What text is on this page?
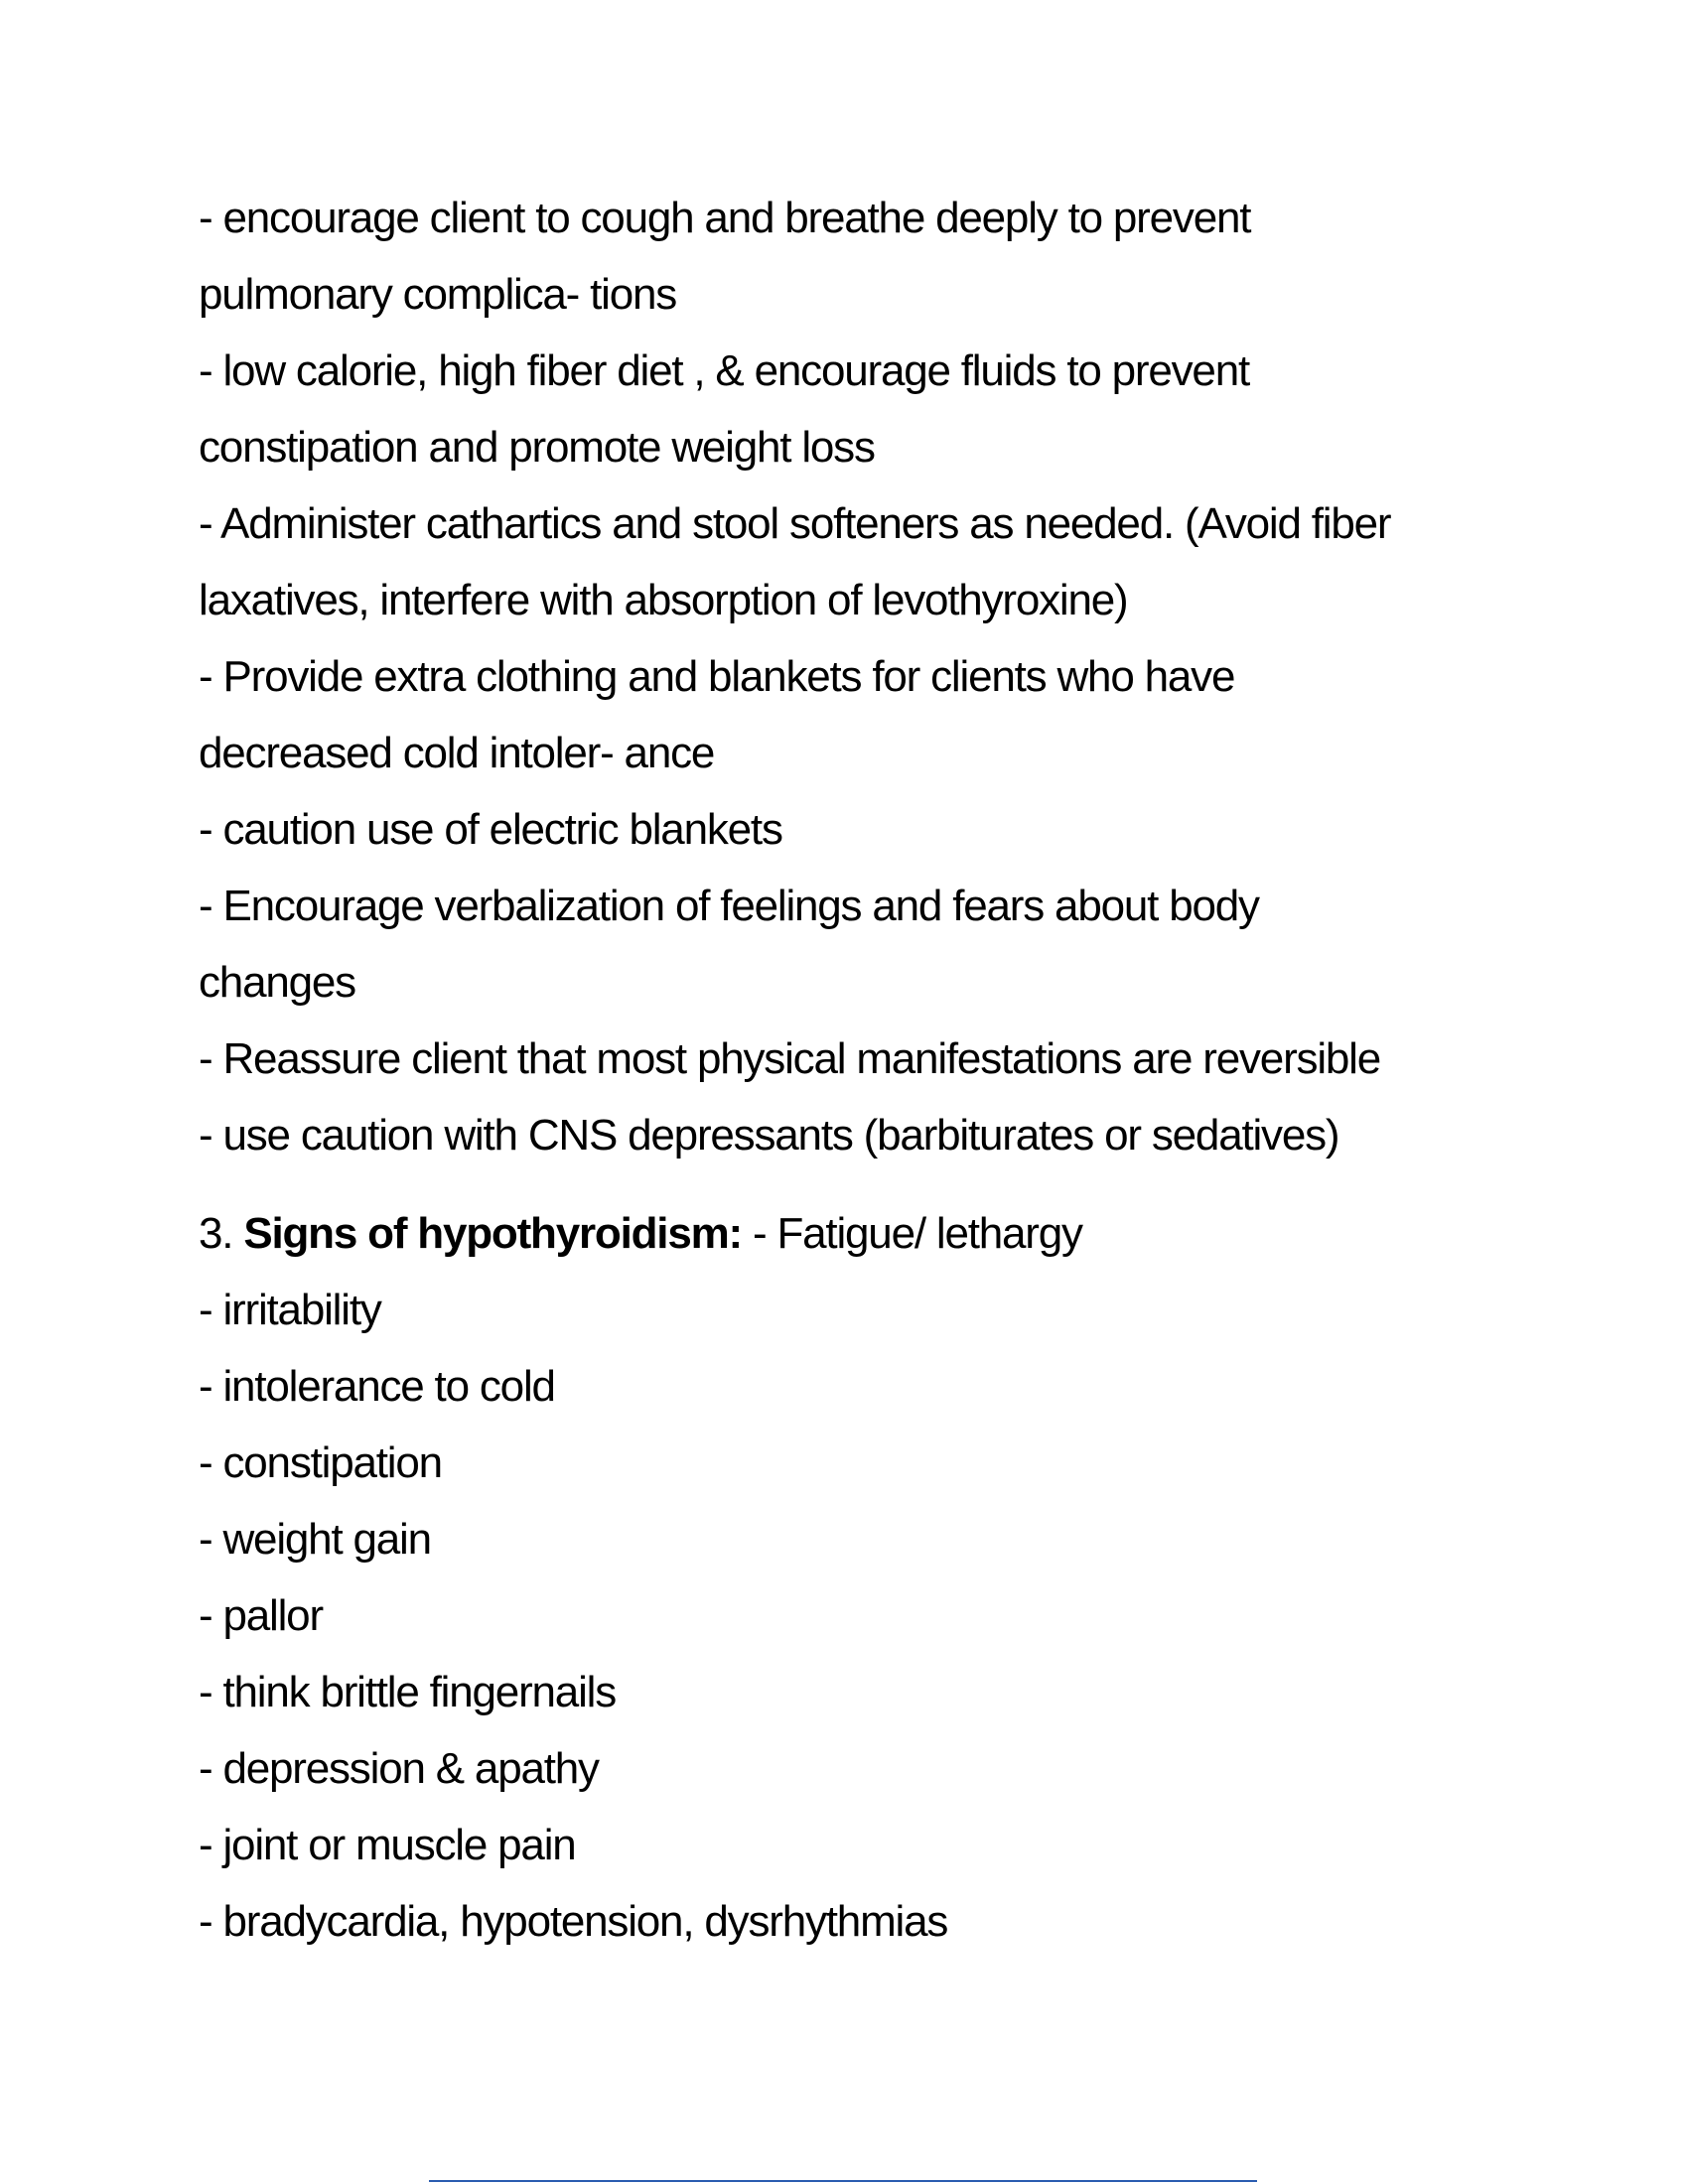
- encourage client to cough and breathe deeply to prevent
pulmonary complica- tions
- low calorie, high fiber diet , & encourage fluids to prevent
constipation and promote weight loss
- Administer cathartics and stool softeners as needed. (Avoid fiber
laxatives, interfere with absorption of levothyroxine)
- Provide extra clothing and blankets for clients who have
decreased cold intoler- ance
- caution use of electric blankets
- Encourage verbalization of feelings and fears about body
changes
- Reassure client that most physical manifestations are reversible
- use caution with CNS depressants (barbiturates or sedatives)
3. Signs of hypothyroidism: - Fatigue/ lethargy
- irritability
- intolerance to cold
- constipation
- weight gain
- pallor
- think brittle fingernails
- depression & apathy
- joint or muscle pain
- bradycardia, hypotension, dysrhythmias
